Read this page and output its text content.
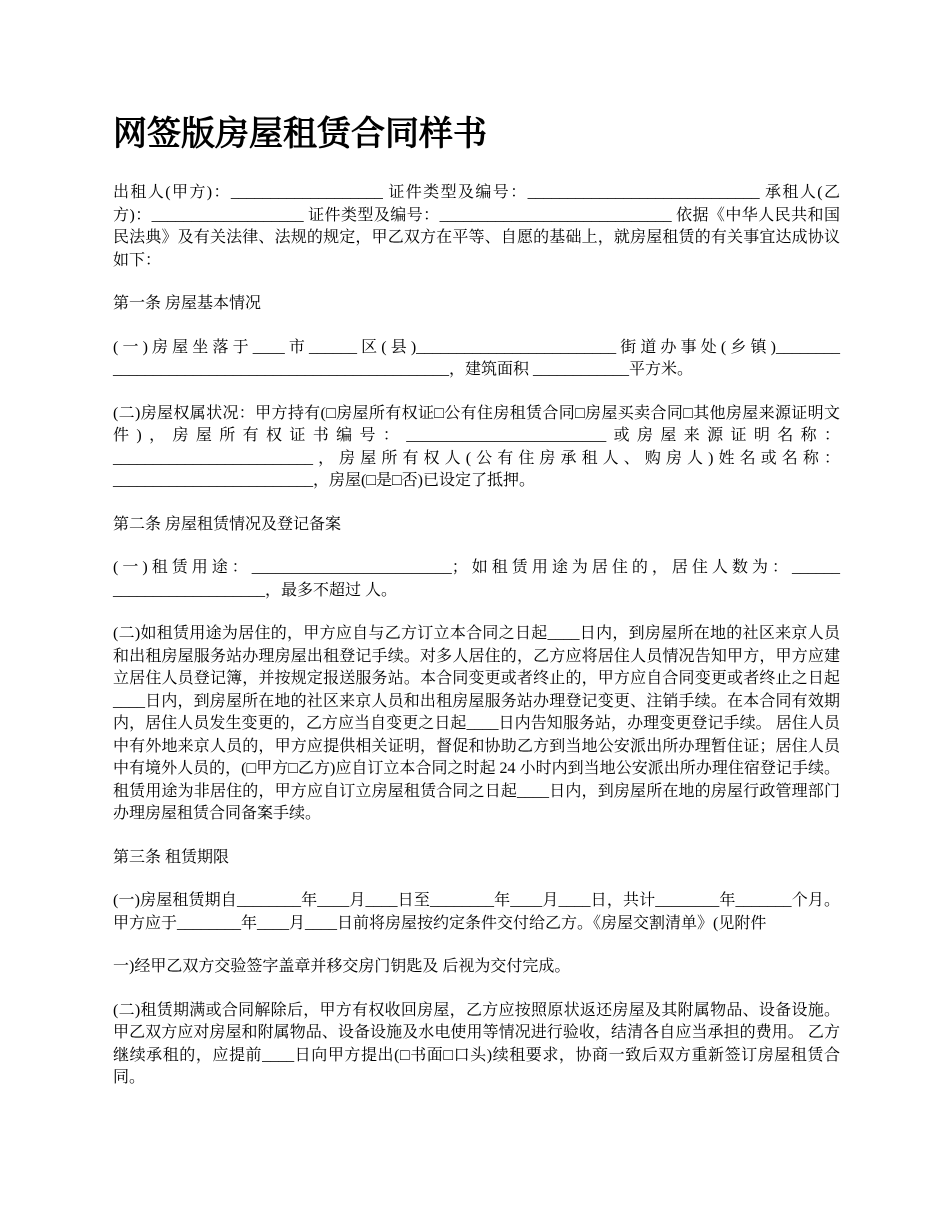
网签版房屋租赁合同样书

出租人(甲方)：___________________ 证件类型及编号：_____________________________ 承租人(乙方)：___________________ 证件类型及编号：_____________________________ 依据《中华人民共和国民法典》及有关法律、法规的规定，甲乙双方在平等、自愿的基础上，就房屋租赁的有关事宜达成协议如下：

第一条 房屋基本情况

(一)房屋坐落于____市______区(县)_________________________街道办事处(乡镇)________ __________________________________________，建筑面积 ____________平方米。

(二)房屋权属状况：甲方持有(□房屋所有权证□公有住房租赁合同□房屋买卖合同□其他房屋来源证明文件)，房屋所有权证书编号：_________________________或房屋来源证明名称：_________________________，房屋所有权人(公有住房承租人、购房人)姓名或名称：_________________________，房屋(□是□否)已设定了抵押。

第二条 房屋租赁情况及登记备案

(一)租赁用途：_________________________；如租赁用途为居住的，居住人数为：______ ___________________，最多不超过 人。

(二)如租赁用途为居住的，甲方应自与乙方订立本合同之日起____日内，到房屋所在地的社区来京人员和出租房屋服务站办理房屋出租登记手续。对多人居住的，乙方应将居住人员情况告知甲方，甲方应建立居住人员登记簿，并按规定报送服务站。本合同变更或者终止的，甲方应自合同变更或者终止之日起____日内，到房屋所在地的社区来京人员和出租房屋服务站办理登记变更、注销手续。在本合同有效期内，居住人员发生变更的，乙方应当自变更之日起____日内告知服务站，办理变更登记手续。 居住人员中有外地来京人员的，甲方应提供相关证明，督促和协助乙方到当地公安派出所办理暂住证；居住人员中有境外人员的，(□甲方□乙方)应自订立本合同之时起 24 小时内到当地公安派出所办理住宿登记手续。 租赁用途为非居住的，甲方应自订立房屋租赁合同之日起____日内，到房屋所在地的房屋行政管理部门办理房屋租赁合同备案手续。

第三条 租赁期限

(一)房屋租赁期自________年____月____日至________年____月____日，共计________年_______个月。甲方应于________年____月____日前将房屋按约定条件交付给乙方。《房屋交割清单》(见附件

一)经甲乙双方交验签字盖章并移交房门钥匙及 后视为交付完成。

(二)租赁期满或合同解除后，甲方有权收回房屋，乙方应按照原状返还房屋及其附属物品、设备设施。甲乙双方应对房屋和附属物品、设备设施及水电使用等情况进行验收，结清各自应当承担的费用。 乙方继续承租的，应提前____日向甲方提出(□书面□口头)续租要求，协商一致后双方重新签订房屋租赁合同。
